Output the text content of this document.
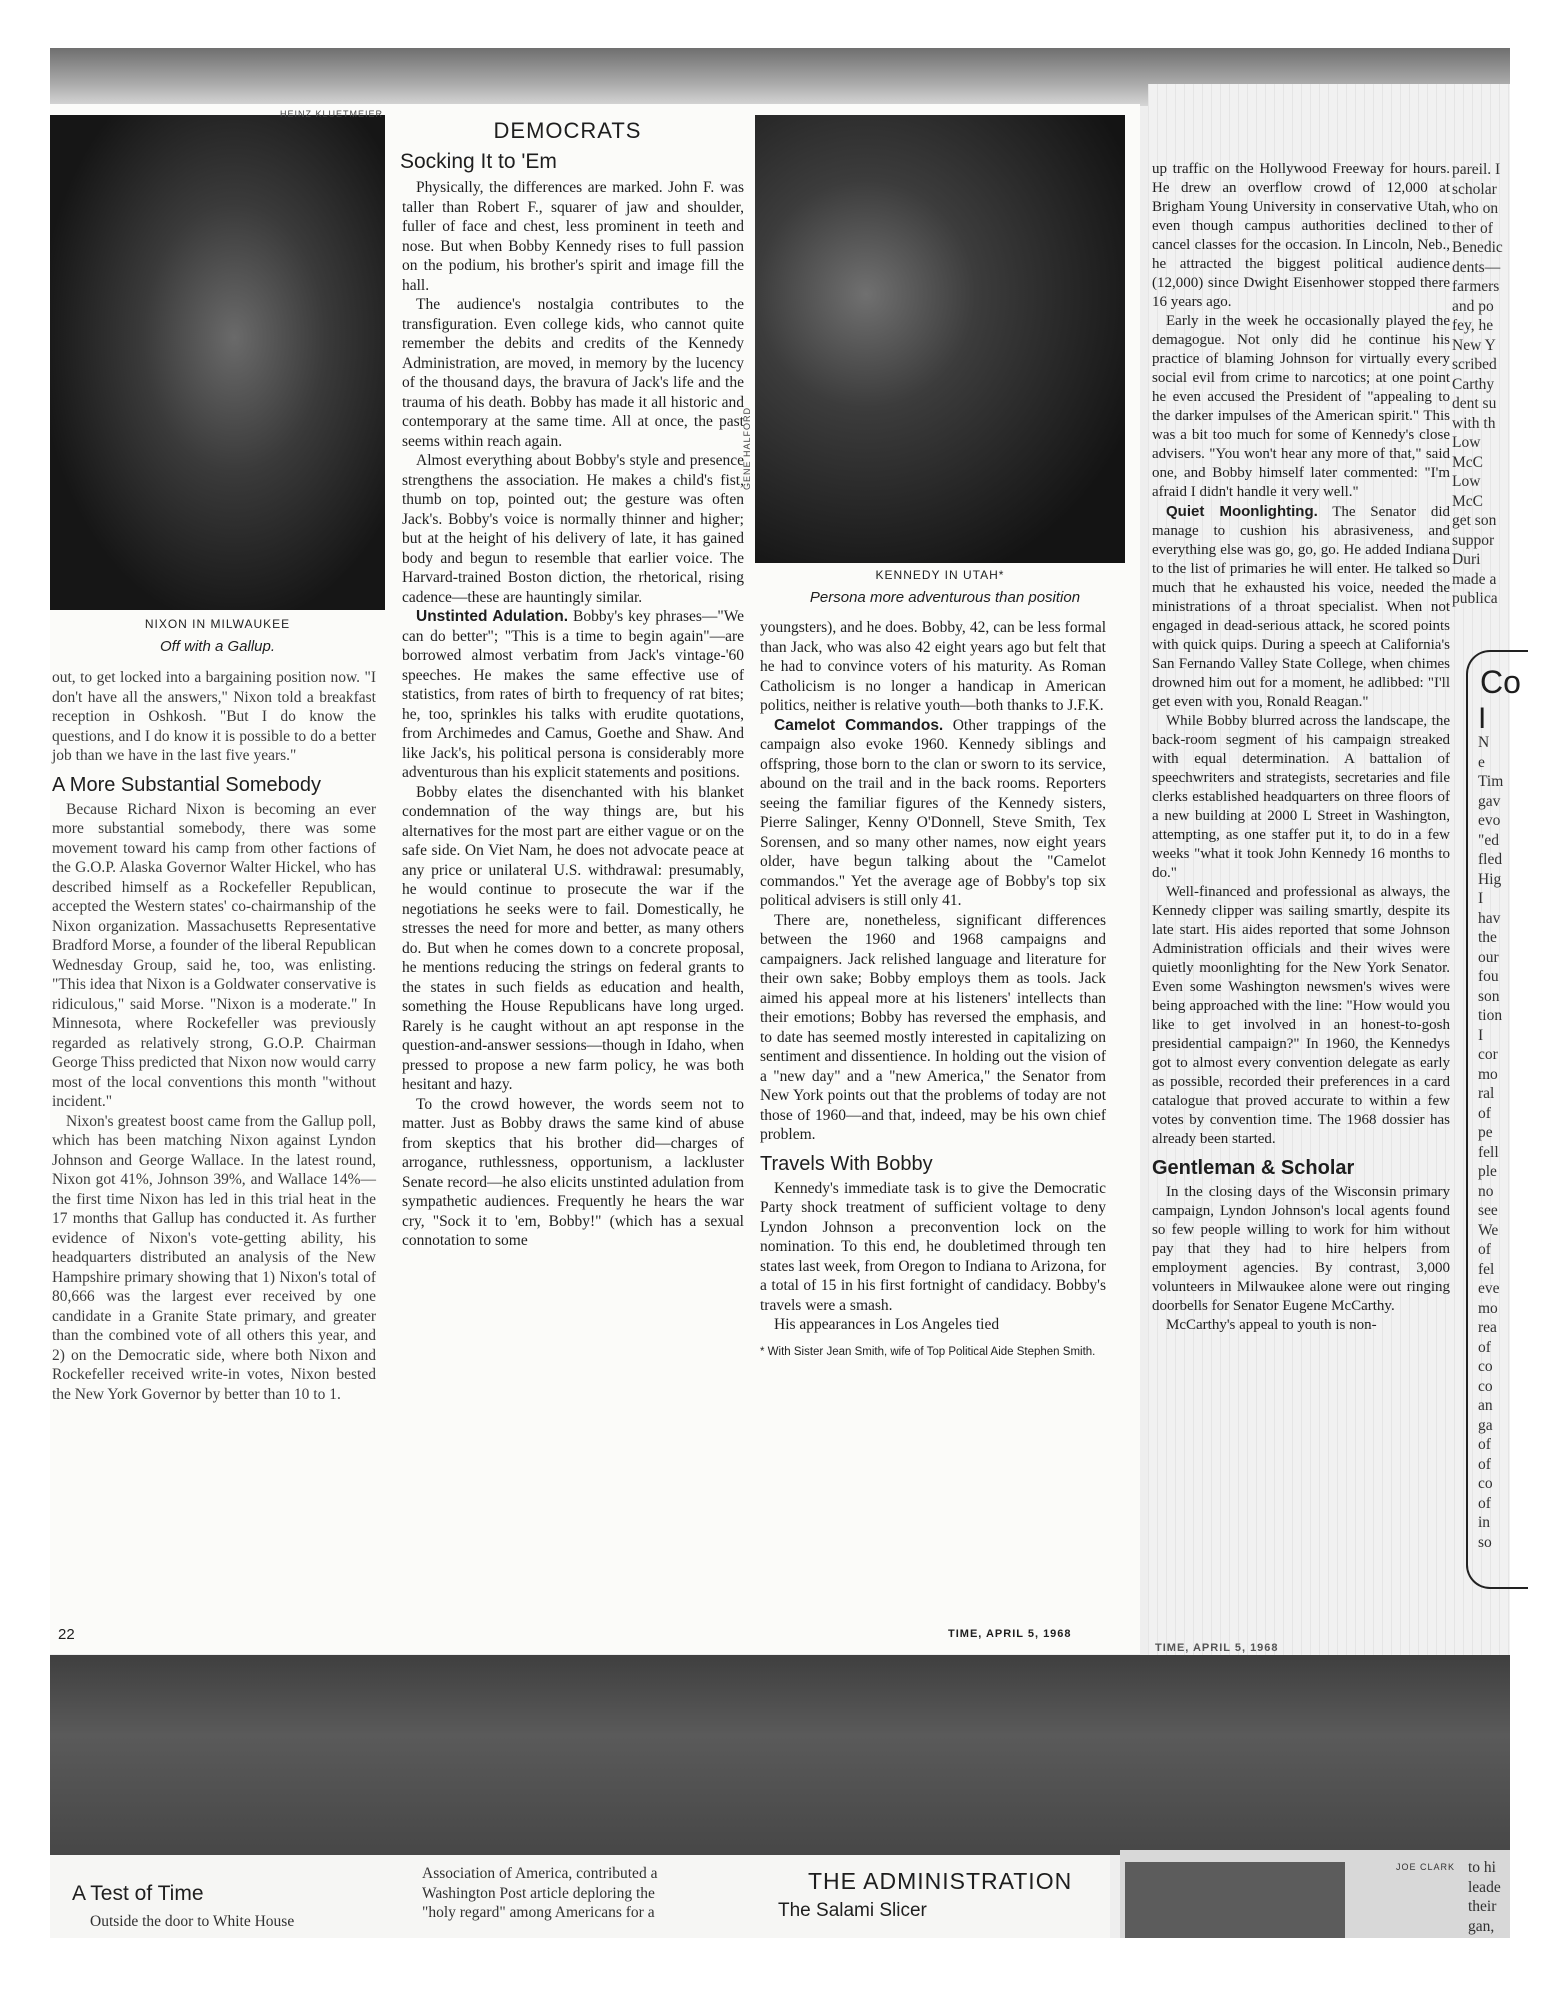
HEINZ KLUETMEIER
NIXON IN MILWAUKEE
Off with a Gallup.

out, to get locked into a bargaining position now. "I don't have all the answers," Nixon told a breakfast reception in Oshkosh. "But I do know the questions, and I do know it is possible to do a better job than we have in the last five years."

A More Substantial Somebody

Because Richard Nixon is becoming an ever more substantial somebody, there was some movement toward his camp from other factions of the G.O.P. Alaska Governor Walter Hickel, who has described himself as a Rockefeller Republican, accepted the Western states' co-chairmanship of the Nixon organization. Massachusetts Representative Bradford Morse, a founder of the liberal Republican Wednesday Group, said he, too, was enlisting. "This idea that Nixon is a Goldwater conservative is ridiculous," said Morse. "Nixon is a moderate." In Minnesota, where Rockefeller was previously regarded as relatively strong, G.O.P. Chairman George Thiss predicted that Nixon now would carry most of the local conventions this month "without incident."

Nixon's greatest boost came from the Gallup poll, which has been matching Nixon against Lyndon Johnson and George Wallace. In the latest round, Nixon got 41%, Johnson 39%, and Wallace 14%—the first time Nixon has led in this trial heat in the 17 months that Gallup has conducted it. As further evidence of Nixon's vote-getting ability, his headquarters distributed an analysis of the New Hampshire primary showing that 1) Nixon's total of 80,666 was the largest ever received by one candidate in a Granite State primary, and greater than the combined vote of all others this year, and 2) on the Democratic side, where both Nixon and Rockefeller received write-in votes, Nixon bested the New York Governor by better than 10 to 1.

DEMOCRATS
Socking It to 'Em

Physically, the differences are marked. John F. was taller than Robert F., squarer of jaw and shoulder, fuller of face and chest, less prominent in teeth and nose. But when Bobby Kennedy rises to full passion on the podium, his brother's spirit and image fill the hall.

The audience's nostalgia contributes to the transfiguration. Even college kids, who cannot quite remember the debits and credits of the Kennedy Administration, are moved, in memory by the lucency of the thousand days, the bravura of Jack's life and the trauma of his death. Bobby has made it all historic and contemporary at the same time. All at once, the past seems within reach again.

Almost everything about Bobby's style and presence strengthens the association. He makes a child's fist, thumb on top, pointed out; the gesture was often Jack's. Bobby's voice is normally thinner and higher; but at the height of his delivery of late, it has gained body and begun to resemble that earlier voice. The Harvard-trained Boston diction, the rhetorical, rising cadence—these are hauntingly similar.

Unstinted Adulation. Bobby's key phrases—"We can do better"; "This is a time to begin again"—are borrowed almost verbatim from Jack's vintage-'60 speeches. He makes the same effective use of statistics, from rates of birth to frequency of rat bites; he, too, sprinkles his talks with erudite quotations, from Archimedes and Camus, Goethe and Shaw. And like Jack's, his political persona is considerably more adventurous than his explicit statements and positions.

Bobby elates the disenchanted with his blanket condemnation of the way things are, but his alternatives for the most part are either vague or on the safe side. On Viet Nam, he does not advocate peace at any price or unilateral U.S. withdrawal: presumably, he would continue to prosecute the war if the negotiations he seeks were to fail. Domestically, he stresses the need for more and better, as many others do. But when he comes down to a concrete proposal, he mentions reducing the strings on federal grants to the states in such fields as education and health, something the House Republicans have long urged. Rarely is he caught without an apt response in the question-and-answer sessions—though in Idaho, when pressed to propose a new farm policy, he was both hesitant and hazy.

To the crowd however, the words seem not to matter. Just as Bobby draws the same kind of abuse from skeptics that his brother did—charges of arrogance, ruthlessness, opportunism, a lackluster Senate record—he also elicits unstinted adulation from sympathetic audiences. Frequently he hears the war cry, "Sock it to 'em, Bobby!" (which has a sexual connotation to some

GENE HALFORD
KENNEDY IN UTAH*
Persona more adventurous than position

youngsters), and he does. Bobby, 42, can be less formal than Jack, who was also 42 eight years ago but felt that he had to convince voters of his maturity. As Roman Catholicism is no longer a handicap in American politics, neither is relative youth—both thanks to J.F.K.

Camelot Commandos. Other trappings of the campaign also evoke 1960. Kennedy siblings and offspring, those born to the clan or sworn to its service, abound on the trail and in the back rooms. Reporters seeing the familiar figures of the Kennedy sisters, Pierre Salinger, Kenny O'Donnell, Steve Smith, Tex Sorensen, and so many other names, now eight years older, have begun talking about the "Camelot commandos." Yet the average age of Bobby's top six political advisers is still only 41.

There are, nonetheless, significant differences between the 1960 and 1968 campaigns and campaigners. Jack relished language and literature for their own sake; Bobby employs them as tools. Jack aimed his appeal more at his listeners' intellects than their emotions; Bobby has reversed the emphasis, and to date has seemed mostly interested in capitalizing on sentiment and dissentience. In holding out the vision of a "new day" and a "new America," the Senator from New York points out that the problems of today are not those of 1960—and that, indeed, may be his own chief problem.

Travels With Bobby

Kennedy's immediate task is to give the Democratic Party shock treatment of sufficient voltage to deny Lyndon Johnson a preconvention lock on the nomination. To this end, he doubletimed through ten states last week, from Oregon to Indiana to Arizona, for a total of 15 in his first fortnight of candidacy. Bobby's travels were a smash.

His appearances in Los Angeles tied

* With Sister Jean Smith, wife of Top Political Aide Stephen Smith.
22	TIME, APRIL 5, 1968

up traffic on the Hollywood Freeway for hours. He drew an overflow crowd of 12,000 at Brigham Young University in conservative Utah, even though campus authorities declined to cancel classes for the occasion. In Lincoln, Neb., he attracted the biggest political audience (12,000) since Dwight Eisenhower stopped there 16 years ago.

Early in the week he occasionally played the demagogue. Not only did he continue his practice of blaming Johnson for virtually every social evil from crime to narcotics; at one point he even accused the President of "appealing to the darker impulses of the American spirit." This was a bit too much for some of Kennedy's close advisers. "You won't hear any more of that," said one, and Bobby himself later commented: "I'm afraid I didn't handle it very well."

Quiet Moonlighting. The Senator did manage to cushion his abrasiveness, and everything else was go, go, go. He added Indiana to the list of primaries he will enter. He talked so much that he exhausted his voice, needed the ministrations of a throat specialist. When not engaged in dead-serious attack, he scored points with quick quips. During a speech at California's San Fernando Valley State College, when chimes drowned him out for a moment, he adlibbed: "I'll get even with you, Ronald Reagan."

While Bobby blurred across the landscape, the back-room segment of his campaign streaked with equal determination. A battalion of speechwriters and strategists, secretaries and file clerks established headquarters on three floors of a new building at 2000 L Street in Washington, attempting, as one staffer put it, to do in a few weeks "what it took John Kennedy 16 months to do."

Well-financed and professional as always, the Kennedy clipper was sailing smartly, despite its late start. His aides reported that some Johnson Administration officials and their wives were quietly moonlighting for the New York Senator. Even some Washington newsmen's wives were being approached with the line: "How would you like to get involved in an honest-to-gosh presidential campaign?" In 1960, the Kennedys got to almost every convention delegate as early as possible, recorded their preferences in a card catalogue that proved accurate to within a few votes by convention time. The 1968 dossier has already been started.

Gentleman & Scholar

In the closing days of the Wisconsin primary campaign, Lyndon Johnson's local agents found so few people willing to work for him without pay that they had to hire helpers from employment agencies. By contrast, 3,000 volunteers in Milwaukee alone were out ringing doorbells for Senator Eugene McCarthy.

McCarthy's appeal to youth is non-

TIME, APRIL 5, 1968
pareil. I
scholar
who on
ther of
Benedic
dents—
farmers
and po
fey, he
New Y
scribed
Carthy
dent su
with th
Low
McC
Low
McC
get son
suppor
Duri
made a
publica
Co
I
N
e
Tim
gav
evo
"ed
fled
Hig
I
hav
the
our
fou
son
tion
I
cor
mo
ral
of
pe
fell
ple
no
see
We
of
fel
eve
mo
rea
of
co
co
an
ga
of
of
co
of
in
so
A Test of Time
Outside the door to White House
Association of America, contributed a
Washington Post article deploring the
"holy regard" among Americans for a
THE ADMINISTRATION
The Salami Slicer
JOE CLARK to hi
leade
their
gan,
